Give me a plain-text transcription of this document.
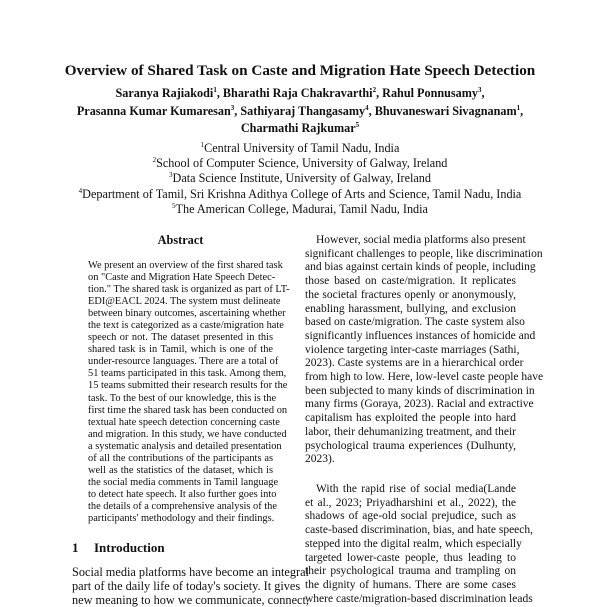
Overview of Shared Task on Caste and Migration Hate Speech Detection
Saranya Rajiakodi$^1$, Bharathi Raja Chakravarthi$^2$, Rahul Ponnusamy$^3$,
Prasanna Kumar Kumaresan$^3$, Sathiyaraj Thangasamy$^4$, Bhuvaneswari Sivagnanam$^1$,
Charmathi Rajkumar$^5$
$^1$Central University of Tamil Nadu, India
$^2$School of Computer Science, University of Galway, Ireland
$^3$Data Science Institute, University of Galway, Ireland
$^4$Department of Tamil, Sri Krishna Adithya College of Arts and Science, Tamil Nadu, India
$^5$The American College, Madurai, Tamil Nadu, India
Abstract
We present an overview of the first shared task
on "Caste and Migration Hate Speech Detec-
tion." The shared task is organized as part of LT-
EDI@EACL 2024. The system must delineate
between binary outcomes, ascertaining whether
the text is categorized as a caste/migration hate
speech or not. The dataset presented in this
shared task is in Tamil, which is one of the
under-resource languages. There are a total of
51 teams participated in this task. Among them,
15 teams submitted their research results for the
task. To the best of our knowledge, this is the
first time the shared task has been conducted on
textual hate speech detection concerning caste
and migration. In this study, we have conducted
a systematic analysis and detailed presentation
of all the contributions of the participants as
well as the statistics of the dataset, which is
the social media comments in Tamil language
to detect hate speech. It also further goes into
the details of a comprehensive analysis of the
participants' methodology and their findings.
1 Introduction
Social media platforms have become an integral
part of the daily life of today's society. It gives
new meaning to how we communicate, connect,
However, social media platforms also present
significant challenges to people, like discrimination
and bias against certain kinds of people, including
those based on caste/migration. It replicates
the societal fractures openly or anonymously,
enabling harassment, bullying, and exclusion
based on caste/migration. The caste system also
significantly influences instances of homicide and
violence targeting inter-caste marriages (Sathi,
2023). Caste systems are in a hierarchical order
from high to low. Here, low-level caste people have
been subjected to many kinds of discrimination in
many firms (Goraya, 2023). Racial and extractive
capitalism has exploited the people into hard
labor, their dehumanizing treatment, and their
psychological trauma experiences (Dulhunty,
2023).
With the rapid rise of social media(Lande
et al., 2023; Priyadharshini et al., 2022), the
shadows of age-old social prejudice, such as
caste-based discrimination, bias, and hate speech,
stepped into the digital realm, which especially
targeted lower-caste people, thus leading to
their psychological trauma and trampling on
the dignity of humans. There are some cases
where caste/migration-based discrimination leads
